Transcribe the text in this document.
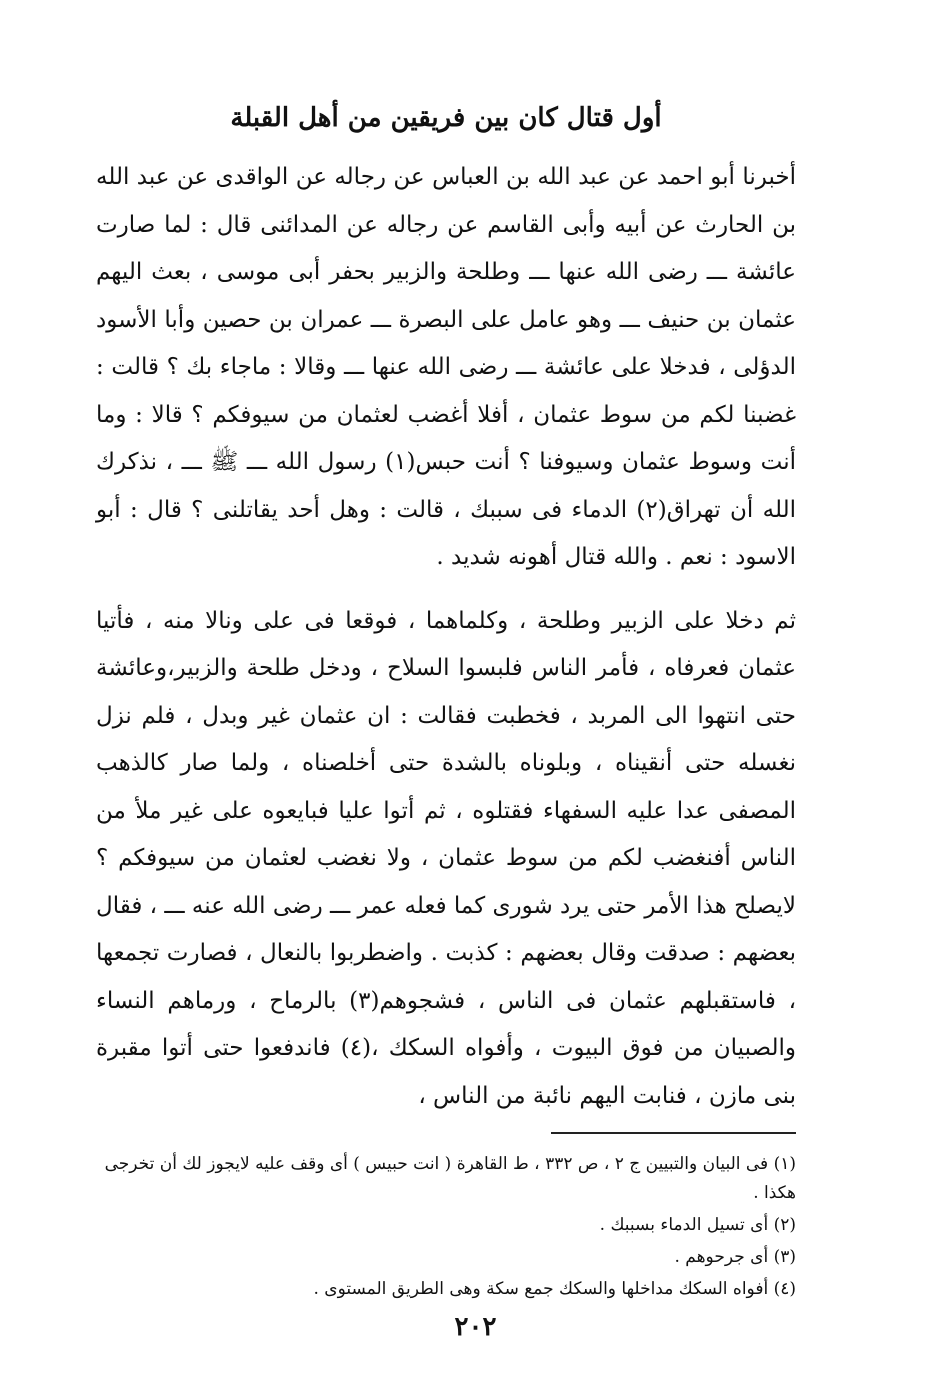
أول قتال كان بين فريقين من أهل القبلة

أخبرنا أبو احمد عن عبد الله بن العباس عن رجاله عن الواقدى عن عبد الله بن الحارث عن أبيه وأبى القاسم عن رجاله عن المدائنى قال : لما صارت عائشة ـــ رضى الله عنها ـــ وطلحة والزبير بحفر أبى موسى ، بعث اليهم عثمان بن حنيف ـــ وهو عامل على البصرة ـــ عمران بن حصين وأبا الأسود الدؤلى ، فدخلا على عائشة ـــ رضى الله عنها ـــ وقالا : ماجاء بك ؟ قالت : غضبنا لكم من سوط عثمان ، أفلا أغضب لعثمان من سيوفكم ؟ قالا : وما أنت وسوط عثمان وسيوفنا ؟ أنت حبس(١) رسول الله ـــ ﷺ ـــ ، نذكرك الله أن تهراق(٢) الدماء فى سببك ، قالت : وهل أحد يقاتلنى ؟ قال : أبو الاسود : نعم . والله قتال أهونه شديد .

ثم دخلا على الزبير وطلحة ، وكلماهما ، فوقعا فى على ونالا منه ، فأتيا عثمان فعرفاه ، فأمر الناس فلبسوا السلاح ، ودخل طلحة والزبير،وعائشة حتى انتهوا الى المربد ، فخطبت فقالت : ان عثمان غير وبدل ، فلم نزل نغسله حتى أنقيناه ، وبلوناه بالشدة حتى أخلصناه ، ولما صار كالذهب المصفى عدا عليه السفهاء فقتلوه ، ثم أتوا عليا فبايعوه على غير ملأ من الناس أفنغضب لكم من سوط عثمان ، ولا نغضب لعثمان من سيوفكم ؟ لايصلح هذا الأمر حتى يرد شورى كما فعله عمر ـــ رضى الله عنه ـــ ، فقال بعضهم : صدقت وقال بعضهم : كذبت . واضطربوا بالنعال ، فصارت تجمعها ، فاستقبلهم عثمان فى الناس ، فشجوهم(٣) بالرماح ، ورماهم النساء والصبيان من فوق البيوت ، وأفواه السكك ،(٤) فاندفعوا حتى أتوا مقبرة بنى مازن ، فنابت اليهم نائبة من الناس ،

(١) فى البيان والتبيين ج ٢ ، ص ٣٣٢ ، ط القاهرة ( انت حبيس ) أى وقف عليه لايجوز لك أن تخرجى هكذا .
(٢) أى تسيل الدماء بسببك .
(٣) أى جرحوهم .
(٤) أفواه السكك مداخلها والسكك جمع سكة وهى الطريق المستوى .
٢٠٢
